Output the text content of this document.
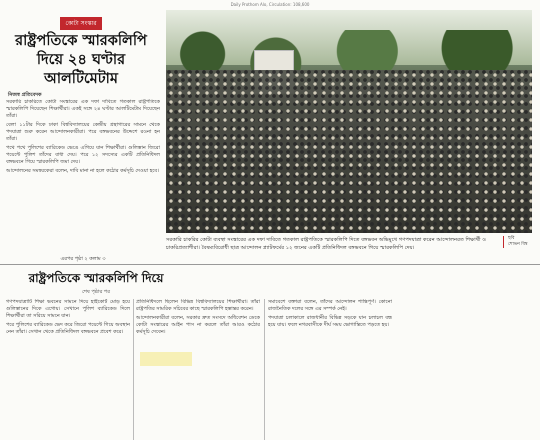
Daily Prothom Alo, Circulation: 108,600
কোটা সংস্কার
রাষ্ট্রপতিকে স্মারকলিপি দিয়ে ২৪ ঘণ্টার আলটিমেটাম
নিজস্ব প্রতিবেদক

সরকারি চাকরিতে কোটা সংস্কারের এক দফা দাবিতে গতকাল রাষ্ট্রপতিকে স্মারকলিপি দিয়েছেন শিক্ষার্থীরা। একই সঙ্গে ২৪ ঘণ্টার আলটিমেটাম দিয়েছেন তাঁরা।

বেলা ১১টার দিকে ঢাকা বিশ্ববিদ্যালয়ের কেন্দ্রীয় গ্রন্থাগারের সামনে থেকে পদযাত্রা শুরু করেন আন্দোলনকারীরা। পরে বঙ্গভবনের উদ্দেশে রওনা হন তাঁরা।

পথে পথে পুলিশের ব্যারিকেড ভেঙে এগিয়ে যান শিক্ষার্থীরা। গুলিস্তান জিরো পয়েন্টে পুলিশ তাঁদের বাধা দেয়। পরে ১২ সদস্যের একটি প্রতিনিধিদল বঙ্গভবনে গিয়ে স্মারকলিপি জমা দেয়।

আন্দোলনের সমন্বয়কেরা বলেন, দাবি মানা না হলে কঠোর কর্মসূচি দেওয়া হবে।

এরপর পৃষ্ঠা ২ কলাম ৩
সরকারি চাকরির কোটা ব্যবস্থা সংস্কারের এক দফা দাবিতে গতকাল রাষ্ট্রপতিকে স্মারকলিপি দিতে বঙ্গভবন অভিমুখে গণপদযাত্রা করেন আন্দোলনরত শিক্ষার্থী ও চাকরিপ্রত্যাশীরা। বৈষম্যবিরোধী ছাত্র আন্দোলন প্ল্যাটফর্মের ১২ জনের একটি প্রতিনিধিদল বঙ্গভবনে গিয়ে স্মারকলিপি দেয়।
ছবি
শোভন বিশ্ব
রাষ্ট্রপতিকে স্মারকলিপি দিয়ে
শেষ পৃষ্ঠার পর

গণপদযাত্রাটি শিক্ষা ভবনের সামনে দিয়ে হাইকোর্ট মোড় হয়ে গুলিস্তানের দিকে এগোয়। সেখানে পুলিশ ব্যারিকেড দিলে শিক্ষার্থীরা তা সরিয়ে সামনে যান।

পরে পুলিশের ব্যারিকেড ভেদ করে জিরো পয়েন্টে গিয়ে অবস্থান নেন তাঁরা। সেখান থেকে প্রতিনিধিদল বঙ্গভবনে প্রবেশ করে।

প্রতিনিধিদলে ছিলেন বিভিন্ন বিশ্ববিদ্যালয়ের শিক্ষার্থীরা। তাঁরা রাষ্ট্রপতির সামরিক সচিবের কাছে স্মারকলিপি হস্তান্তর করেন।

আন্দোলনকারীরা বলেন, সরকার দ্রুত সংসদে অধিবেশন ডেকে কোটা সংস্কারের আইন পাস না করলে তাঁরা আরও কঠোর কর্মসূচি দেবেন।

সমাবেশে বক্তারা বলেন, তাঁদের আন্দোলন শান্তিপূর্ণ। কোনো রাজনৈতিক দলের সঙ্গে এর সম্পর্ক নেই।

পদযাত্রা চলাকালে রাজধানীর বিভিন্ন সড়কে যান চলাচল বন্ধ হয়ে যায়। ফলে নগরবাসীকে দীর্ঘ সময় ভোগান্তিতে পড়তে হয়।
